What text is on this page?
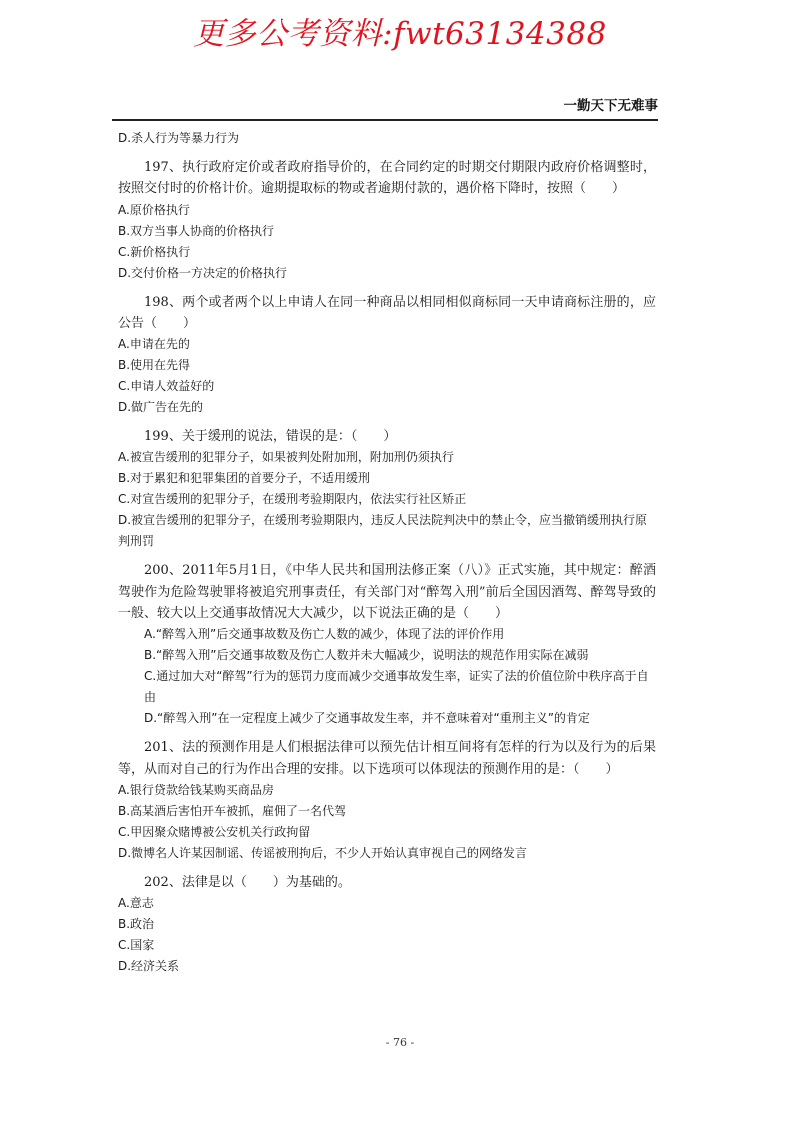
更多公考资料:fwt63134388
一勤天下无难事
D.杀人行为等暴力行为
197、执行政府定价或者政府指导价的，在合同约定的时期交付期限内政府价格调整时，按照交付时的价格计价。逾期提取标的物或者逾期付款的，遇价格下降时，按照（　　）
A.原价格执行
B.双方当事人协商的价格执行
C.新价格执行
D.交付价格一方决定的价格执行
198、两个或者两个以上申请人在同一种商品以相同相似商标同一天申请商标注册的，应公告（　　）
A.申请在先的
B.使用在先得
C.申请人效益好的
D.做广告在先的
199、关于缓刑的说法，错误的是：（　　）
A.被宣告缓刑的犯罪分子，如果被判处附加刑，附加刑仍须执行
B.对于累犯和犯罪集团的首要分子，不适用缓刑
C.对宣告缓刑的犯罪分子，在缓刑考验期限内，依法实行社区矫正
D.被宣告缓刑的犯罪分子，在缓刑考验期限内，违反人民法院判决中的禁止令，应当撤销缓刑执行原判刑罚
200、2011年5月1日，《中华人民共和国刑法修正案（八）》正式实施，其中规定：醉酒驾驶作为危险驾驶罪将被追究刑事责任，有关部门对“醉驾入刑”前后全国因酒驾、醉驾导致的一般、较大以上交通事故情况大大减少，以下说法正确的是（　　）
A.“醉驾入刑”后交通事故数及伤亡人数的减少，体现了法的评价作用
B.“醉驾入刑”后交通事故数及伤亡人数并未大幅减少，说明法的规范作用实际在减弱
C.通过加大对“醉驾”行为的惩罚力度而减少交通事故发生率，证实了法的价值位阶中秩序高于自由
D.“醉驾入刑”在一定程度上减少了交通事故发生率，并不意味着对“重刑主义”的肯定
201、法的预测作用是人们根据法律可以预先估计相互间将有怎样的行为以及行为的后果等，从而对自己的行为作出合理的安排。以下选项可以体现法的预测作用的是：（　　）
A.银行贷款给钱某购买商品房
B.高某酒后害怕开车被抓，雇佣了一名代驾
C.甲因聚众赌博被公安机关行政拘留
D.微博名人许某因制谣、传谣被刑拘后，不少人开始认真审视自己的网络发言
202、法律是以（　　）为基础的。
A.意志
B.政治
C.国家
D.经济关系
- 76 -
